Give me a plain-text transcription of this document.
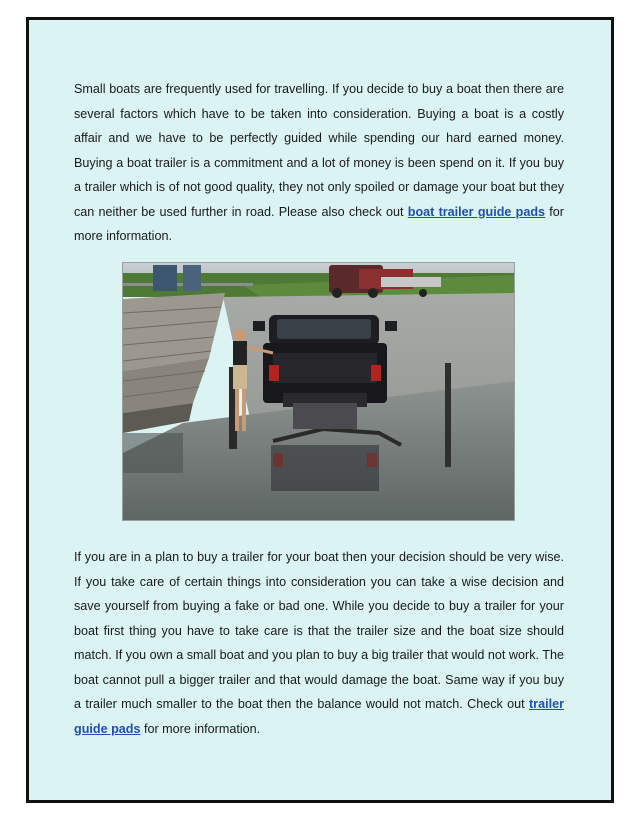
Small boats are frequently used for travelling. If you decide to buy a boat then there are several factors which have to be taken into consideration. Buying a boat is a costly affair and we have to be perfectly guided while spending our hard earned money. Buying a boat trailer is a commitment and a lot of money is been spend on it. If you buy a trailer which is of not good quality, they not only spoiled or damage your boat but they can neither be used further in road. Please also check out boat trailer guide pads for more information.

If you are in a plan to buy a trailer for your boat then your decision should be very wise. If you take care of certain things into consideration you can take a wise decision and save yourself from buying a fake or bad one. While you decide to buy a trailer for your boat first thing you have to take care is that the trailer size and the boat size should match. If you own a small boat and you plan to buy a big trailer that would not work. The boat cannot pull a bigger trailer and that would damage the boat. Same way if you buy a trailer much smaller to the boat then the balance would not match. Check out trailer guide pads for more information.
